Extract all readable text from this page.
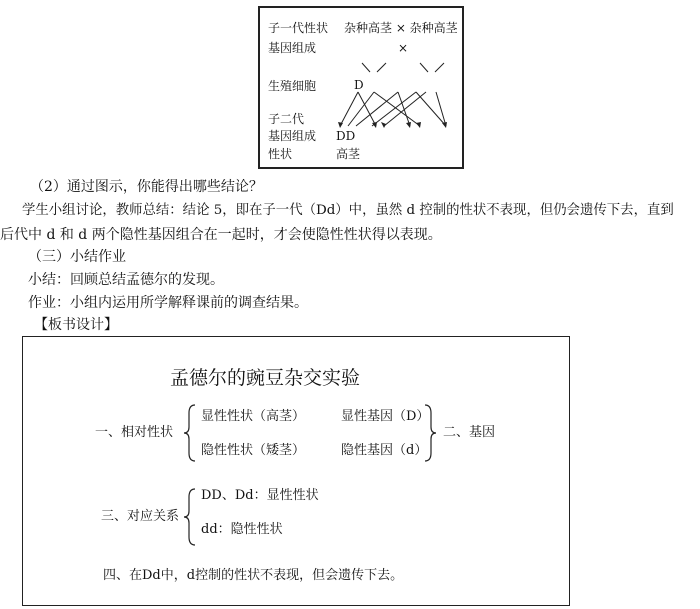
子一代性状 杂种高茎 × 杂种高茎
基因组成	×
生殖细胞	D
子二代
基因组成 DD
性状	高茎
（2）通过图示，你能得出哪些结论？
学生小组讨论，教师总结：结论 5，即在子一代（Dd）中，虽然 d 控制的性状不表现，但仍会遗传下去，直到
后代中 d 和 d 两个隐性基因组合在一起时，才会使隐性性状得以表现。
（三）小结作业
小结：回顾总结孟德尔的发现。
作业：小组内运用所学解释课前的调查结果。
【板书设计】
孟德尔的豌豆杂交实验
一、相对性状
显性性状（高茎）	显性基因（D）
隐性性状（矮茎）	隐性基因（d）
二、基因
三、对应关系
DD、Dd：显性性状
dd：隐性性状
四、在Dd中，d控制的性状不表现，但会遗传下去。
